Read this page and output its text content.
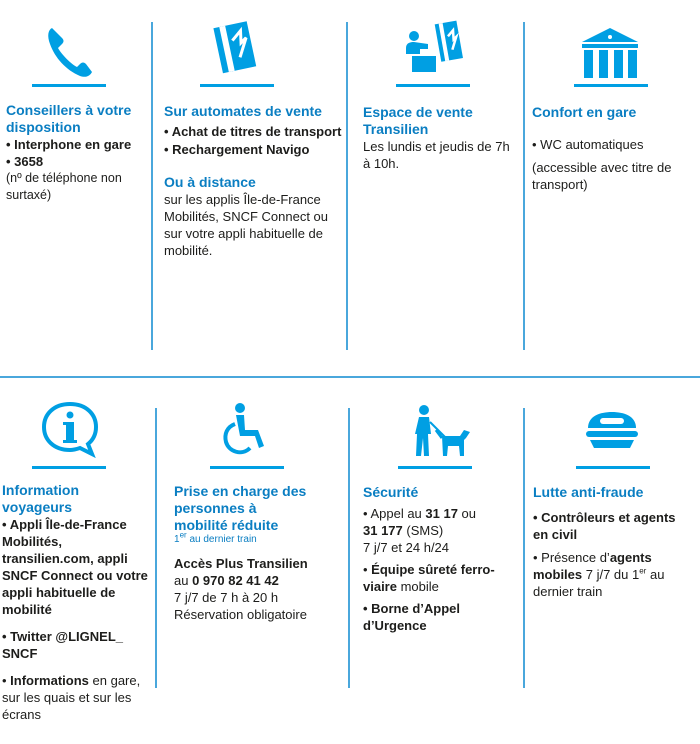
Conseillers à votre disposition

• Interphone en gare

• 3658

(nº de téléphone non surtaxé)

Sur automates de vente

• Achat de titres de transport

• Rechargement Navigo

Ou à distance

sur les applis Île-de-France Mobilités, SNCF Connect ou sur votre appli habituelle de mobilité.

Espace de vente Transilien

Les lundis et jeudis de 7h à 10h.

Confort en gare

• WC automatiques

(accessible avec titre de transport)

Information voyageurs

• Appli Île-de-France Mobilités, transilien.com, appli SNCF Connect ou votre appli habituelle de mobilité

• Twitter @LIGNEL_ SNCF

• Informations en gare, sur les quais et sur les écrans

Prise en charge des personnes à mobilité réduite

1er au dernier train

Accès Plus Transilien

au 0 970 82 41 42

7 j/7 de 7 h à 20 h

Réservation obligatoire

Sécurité

• Appel au 31 17 ou
31 177 (SMS)
7 j/7 et 24 h/24

• Équipe sûreté ferro-viaire mobile

• Borne d’Appel d’Urgence

Lutte anti-fraude

• Contrôleurs et agents en civil

• Présence d’agents mobiles 7 j/7 du 1er au dernier train
